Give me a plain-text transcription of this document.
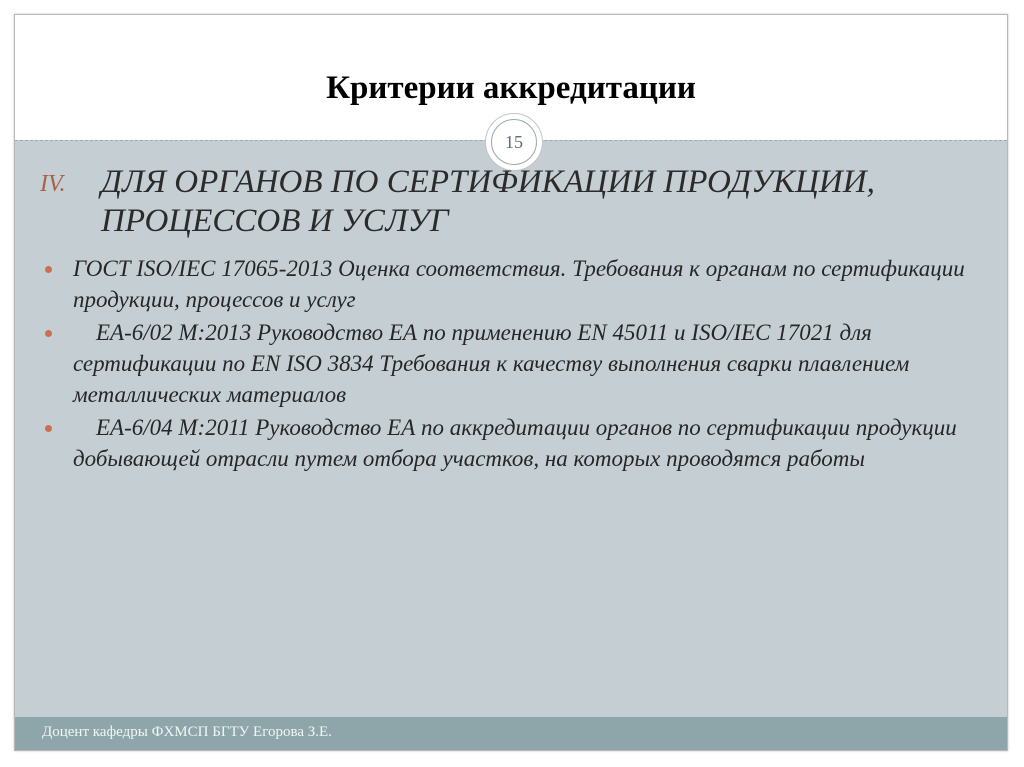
Критерии аккредитации
15
IV. ДЛЯ ОРГАНОВ ПО СЕРТИФИКАЦИИ ПРОДУКЦИИ, ПРОЦЕССОВ И УСЛУГ
ГОСТ ISO/IEC 17065-2013 Оценка соответствия. Требования к органам по сертификации продукции, процессов и услуг
EA-6/02 M:2013 Руководство ЕА по применению EN 45011 и ISO/IEC 17021 для сертификации по EN ISO 3834 Требования к качеству выполнения сварки плавлением металлических материалов
EA-6/04 M:2011 Руководство ЕА по аккредитации органов по сертификации продукции добывающей отрасли путем отбора участков, на которых проводятся работы
Доцент кафедры ФХМСП БГТУ Егорова З.Е.
